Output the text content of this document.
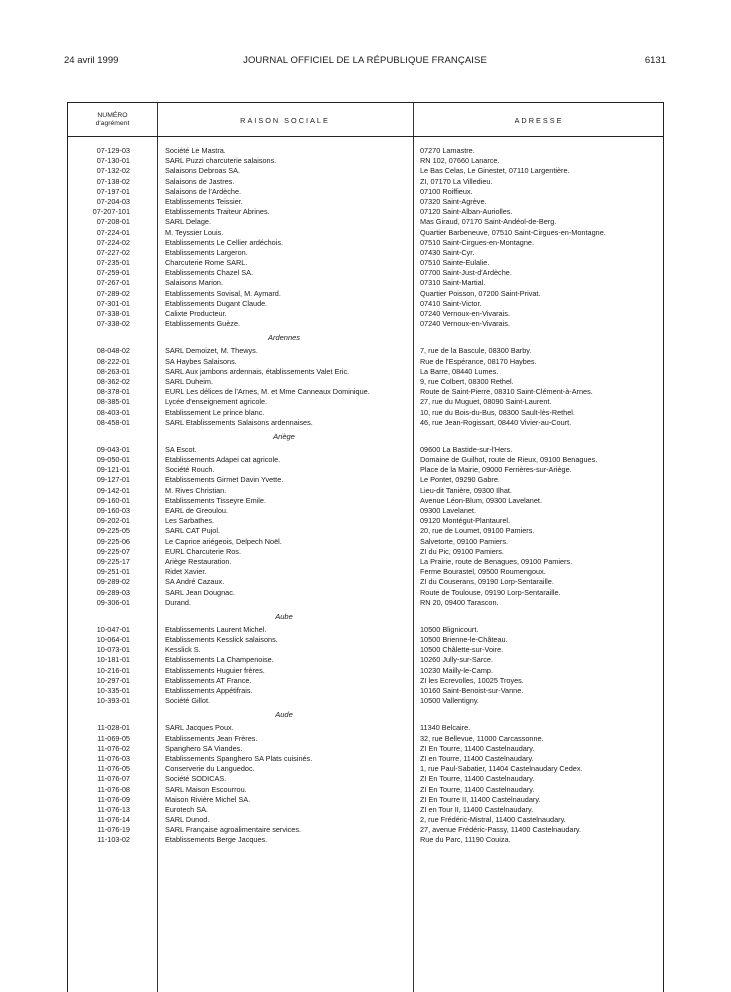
24 avril 1999	JOURNAL OFFICIEL DE LA RÉPUBLIQUE FRANÇAISE	6131
NUMÉRO
d'agrément	RAISON SOCIALE	ADRESSE
07-129-03	Société Le Mastra.	07270 Lamastre.
07-130-01	SARL Puzzi charcuterie salaisons.	RN 102, 07660 Lanarce.
07-132-02	Salaisons Debroas SA.	Le Bas Celas, Le Ginestet, 07110 Largentière.
07-138-02	Salaisons de Jastres.	ZI, 07170 La Villedieu.
07-197-01	Salaisons de l'Ardèche.	07100 Roiffieux.
07-204-03	Etablissements Teissier.	07320 Saint-Agrève.
07-207-101	Etablissements Traiteur Abrines.	07120 Saint-Alban-Auriolles.
07-208-01	SARL Delage.	Mas Giraud, 07170 Saint-Andéol-de-Berg.
07-224-01	M. Teyssier Louis.	Quartier Barbeneuve, 07510 Saint-Cirgues-en-Montagne.
07-224-02	Etablissements Le Cellier ardéchois.	07510 Saint-Cirgues-en-Montagne.
07-227-02	Etablissements Largeron.	07430 Saint-Cyr.
07-235-01	Charcuterie Rome SARL.	07510 Sainte-Eulalie.
07-259-01	Etablissements Chazel SA.	07700 Saint-Just-d'Ardèche.
07-267-01	Salaisons Marion.	07310 Saint-Martial.
07-289-02	Etablissements Sovisal, M. Aymard.	Quartier Poisson, 07200 Saint-Privat.
07-301-01	Etablissements Dugant Claude.	07410 Saint-Victor.
07-338-01	Calixte Producteur.	07240 Vernoux-en-Vivarais.
07-338-02	Etablissements Guèze.	07240 Vernoux-en-Vivarais.
Ardennes
08-048-02	SARL Demoizet, M. Thewys.	7, rue de la Bascule, 08300 Barby.
08-222-01	SA Haybes Salaisons.	Rue de l'Espérance, 08170 Haybes.
08-263-01	SARL Aux jambons ardennais, établissements Valet Eric.	La Barre, 08440 Lumes.
08-362-02	SARL Duheim.	9, rue Colbert, 08300 Rethel.
08-378-01	EURL Les délices de l'Arnes, M. et Mme Canneaux Dominique.	Route de Saint-Pierre, 08310 Saint-Clément-à-Arnes.
08-385-01	Lycée d'enseignement agricole.	27, rue du Muguet, 08090 Saint-Laurent.
08-403-01	Etablissement Le prince blanc.	10, rue du Bois-du-Bus, 08300 Sault-lès-Rethel.
08-458-01	SARL Etablissements Salaisons ardennaises.	46, rue Jean-Rogissart, 08440 Vivier-au-Court.
Ariège
09-043-01	SA Escot.	09600 La Bastide-sur-l'Hers.
09-050-01	Etablissements Adapei cat agricole.	Domaine de Guilhot, route de Rieux, 09100 Benagues.
09-121-01	Société Rouch.	Place de la Mairie, 09000 Ferrières-sur-Ariège.
09-127-01	Etablissements Girmet Davin Yvette.	Le Pontet, 09290 Gabre.
09-142-01	M. Rives Christian.	Lieu-dit Tanière, 09300 Ilhat.
09-160-01	Etablissements Tisseyre Emile.	Avenue Léon-Blum, 09300 Lavelanet.
09-160-03	EARL de Greoulou.	09300 Lavelanet.
09-202-01	Les Sarbathes.	09120 Montégut-Plantaurel.
09-225-05	SARL CAT Pujol.	20, rue de Loumet, 09100 Pamiers.
09-225-06	Le Caprice ariégeois, Delpech Noël.	Salvetorte, 09100 Pamiers.
09-225-07	EURL Charcuterie Ros.	ZI du Pic, 09100 Pamiers.
09-225-17	Ariège Restauration.	La Prairie, route de Benagues, 09100 Pamiers.
09-251-01	Ridet Xavier.	Ferme Bourastel, 09500 Roumengoux.
09-289-02	SA André Cazaux.	ZI du Couserans, 09190 Lorp-Sentaraille.
09-289-03	SARL Jean Dougnac.	Route de Toulouse, 09190 Lorp-Sentaraille.
09-306-01	Durand.	RN 20, 09400 Tarascon.
Aube
10-047-01	Etablissements Laurent Michel.	10500 Blignicourt.
10-064-01	Etablissements Kesslick salaisons.	10500 Brienne-le-Château.
10-073-01	Kesslick S.	10500 Châlette-sur-Voire.
10-181-01	Etablissements La Champenoise.	10260 Jully-sur-Sarce.
10-216-01	Etablissements Huguier frères.	10230 Mailly-le-Camp.
10-297-01	Etablissements AT France.	ZI les Ecrevolles, 10025 Troyes.
10-335-01	Etablissements Appétifrais.	10160 Saint-Benoist-sur-Vanne.
10-393-01	Société Gillot.	10500 Vallentigny.
Aude
11-028-01	SARL Jacques Poux.	11340 Belcaire.
11-069-05	Etablissements Jean Frères.	32, rue Bellevue, 11000 Carcassonne.
11-076-02	Spanghero SA Viandes.	ZI En Tourre, 11400 Castelnaudary.
11-076-03	Etablissements Spanghero SA Plats cuisinés.	ZI en Tourre, 11400 Castelnaudary.
11-076-05	Conserverie du Languedoc.	1, rue Paul-Sabatier, 11404 Castelnaudary Cedex.
11-076-07	Société SODICAS.	ZI En Tourre, 11400 Castelnaudary.
11-076-08	SARL Maison Escourrou.	ZI En Tourre, 11400 Castelnaudary.
11-076-09	Maison Rivière Michel SA.	ZI En Tourre II, 11400 Castelnaudary.
11-076-13	Eurotech SA.	ZI en Tour II, 11400 Castelnaudary.
11-076-14	SARL Dunod.	2, rue Frédéric-Mistral, 11400 Castelnaudary.
11-076-19	SARL Française agroalimentaire services.	27, avenue Frédéric-Passy, 11400 Castelnaudary.
11-103-02	Etablissements Berge Jacques.	Rue du Parc, 11190 Couiza.
